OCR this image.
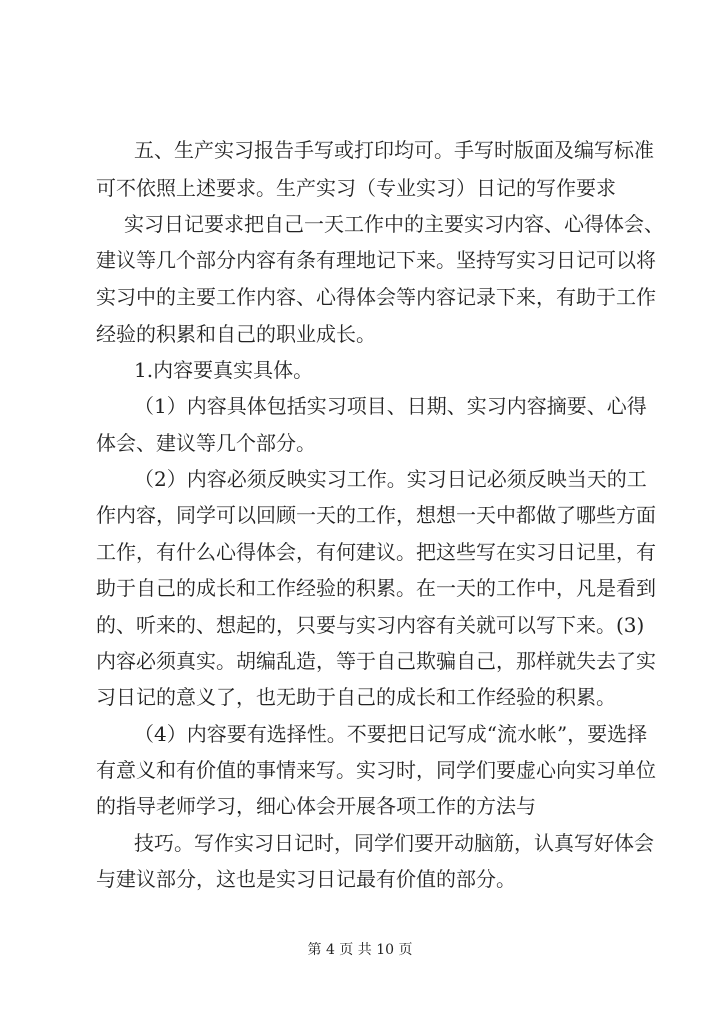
五、生产实习报告手写或打印均可。手写时版面及编写标准
可不依照上述要求。生产实习（专业实习）日记的写作要求
实习日记要求把自己一天工作中的主要实习内容、心得体会、
建议等几个部分内容有条有理地记下来。坚持写实习日记可以将
实习中的主要工作内容、心得体会等内容记录下来，有助于工作
经验的积累和自己的职业成长。
1.内容要真实具体。
（1）内容具体包括实习项目、日期、实习内容摘要、心得
体会、建议等几个部分。
（2）内容必须反映实习工作。实习日记必须反映当天的工
作内容，同学可以回顾一天的工作，想想一天中都做了哪些方面
工作，有什么心得体会，有何建议。把这些写在实习日记里，有
助于自己的成长和工作经验的积累。在一天的工作中，凡是看到
的、听来的、想起的，只要与实习内容有关就可以写下来。(3)
内容必须真实。胡编乱造，等于自己欺骗自己，那样就失去了实
习日记的意义了，也无助于自己的成长和工作经验的积累。
（4）内容要有选择性。不要把日记写成“流水帐”，要选择
有意义和有价值的事情来写。实习时，同学们要虚心向实习单位
的指导老师学习，细心体会开展各项工作的方法与
技巧。写作实习日记时，同学们要开动脑筋，认真写好体会
与建议部分，这也是实习日记最有价值的部分。
第 4 页 共 10 页
